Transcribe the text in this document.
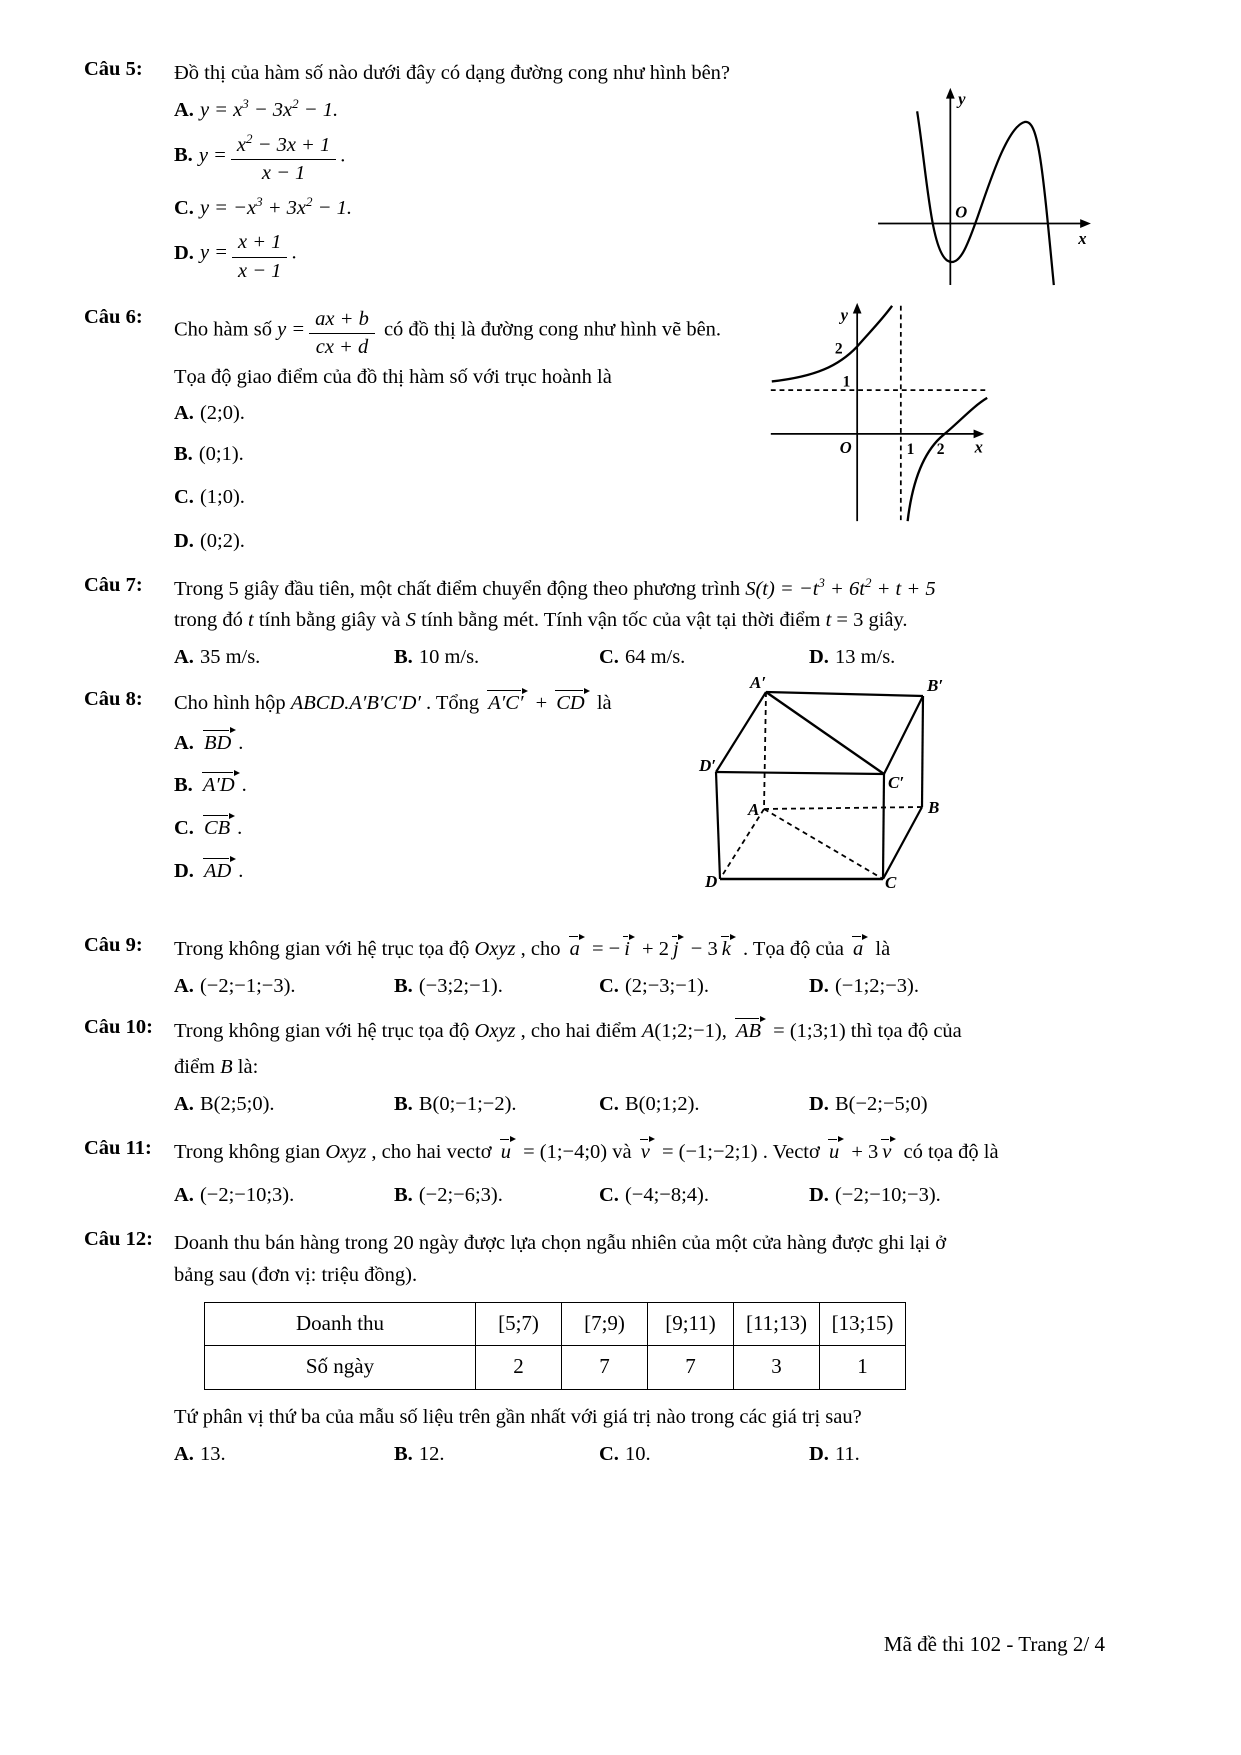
Câu 5:	Đồ thị của hàm số nào dưới đây có dạng đường cong như hình bên?
A. $y = x^3 - 3x^2 - 1$.
B. $y = \frac{x^2 - 3x + 1}{x - 1}$ .
C. $y = -x^3 + 3x^2 - 1$.
D. $y = \frac{x + 1}{x - 1}$ .
y
x
O
Câu 6:
Cho hàm số $y = \frac{ax + b}{cx + d}$ có đồ thị là đường cong như hình vẽ bên.
Tọa độ giao điểm của đồ thị hàm số với trục hoành là
A. (2;0).
B. (0;1).
C. (1;0).
D. (0;2).
y
x
O
2
1
1 2
Câu 7:	Trong 5 giây đầu tiên, một chất điểm chuyển động theo phương trình $S(t) = -t^3 + 6t^2 + t + 5$
trong đó t tính bằng giây và S tính bằng mét. Tính vận tốc của vật tại thời điểm t = 3 giây.
A. 35 m/s.	B. 10 m/s.	C. 64 m/s.	D. 13 m/s.
Câu 8:	Cho hình hộp ABCD.A′B′C′D′ . Tổng A′C′ + CD là
A. BD .
B. A′D .
C. CB .
D. AD .
A′	B′
C′
D′
A	B
D	C
Câu 9:	Trong không gian với hệ trục tọa độ Oxyz , cho a = − i + 2 j − 3 k . Tọa độ của a là
A. (−2;−1;−3).	B. (−3;2;−1).	C. (2;−3;−1).	D. (−1;2;−3).
Câu 10:	Trong không gian với hệ trục tọa độ Oxyz , cho hai điểm A(1;2;−1), AB = (1;3;1) thì tọa độ của
điểm B là:
A. B(2;5;0).	B. B(0;−1;−2).	C. B(0;1;2).	D. B(−2;−5;0)
Câu 11:	Trong không gian Oxyz , cho hai vectơ u = (1;−4;0) và v = (−1;−2;1) . Vectơ u + 3 v có tọa độ là
A. (−2;−10;3).	B. (−2;−6;3).	C. (−4;−8;4).	D. (−2;−10;−3).
Câu 12:	Doanh thu bán hàng trong 20 ngày được lựa chọn ngẫu nhiên của một cửa hàng được ghi lại ở
bảng sau (đơn vị: triệu đồng).
Doanh thu	[5;7)	[7;9)	[9;11)	[11;13)	[13;15)
Số ngày	2	7	7	3	1
Tứ phân vị thứ ba của mẫu số liệu trên gần nhất với giá trị nào trong các giá trị sau?
A. 13.	B. 12.	C. 10.	D. 11.
Mã đề thi 102 - Trang 2/ 4
